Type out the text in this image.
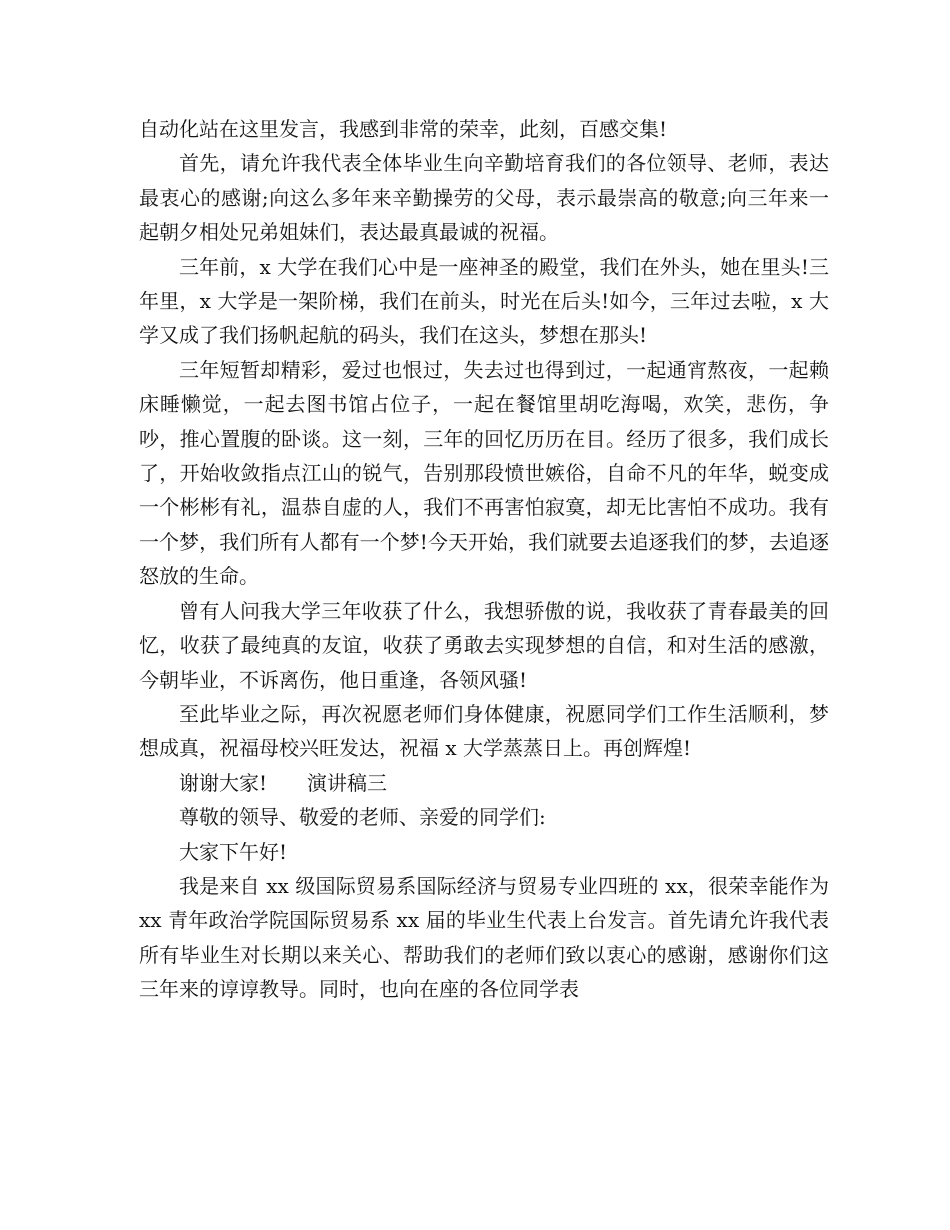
自动化站在这里发言，我感到非常的荣幸，此刻，百感交集!

首先，请允许我代表全体毕业生向辛勤培育我们的各位领导、老师，表达最衷心的感谢;向这么多年来辛勤操劳的父母，表示最崇高的敬意;向三年来一起朝夕相处兄弟姐妹们，表达最真最诚的祝福。

三年前，x 大学在我们心中是一座神圣的殿堂，我们在外头，她在里头!三年里，x 大学是一架阶梯，我们在前头，时光在后头!如今，三年过去啦，x 大学又成了我们扬帆起航的码头，我们在这头，梦想在那头!

三年短暂却精彩，爱过也恨过，失去过也得到过，一起通宵熬夜，一起赖床睡懒觉，一起去图书馆占位子，一起在餐馆里胡吃海喝，欢笑，悲伤，争吵，推心置腹的卧谈。这一刻，三年的回忆历历在目。经历了很多，我们成长了，开始收敛指点江山的锐气，告别那段愤世嫉俗，自命不凡的年华，蜕变成一个彬彬有礼，温恭自虚的人，我们不再害怕寂寞，却无比害怕不成功。我有一个梦，我们所有人都有一个梦!今天开始，我们就要去追逐我们的梦，去追逐怒放的生命。

曾有人问我大学三年收获了什么，我想骄傲的说，我收获了青春最美的回忆，收获了最纯真的友谊，收获了勇敢去实现梦想的自信，和对生活的感激，今朝毕业，不诉离伤，他日重逢，各领风骚!

至此毕业之际，再次祝愿老师们身体健康，祝愿同学们工作生活顺利，梦想成真，祝福母校兴旺发达，祝福 x 大学蒸蒸日上。再创辉煌!

谢谢大家!　　演讲稿三

尊敬的领导、敬爱的老师、亲爱的同学们:

大家下午好!

我是来自 xx 级国际贸易系国际经济与贸易专业四班的 xx，很荣幸能作为 xx 青年政治学院国际贸易系 xx 届的毕业生代表上台发言。首先请允许我代表所有毕业生对长期以来关心、帮助我们的老师们致以衷心的感谢，感谢你们这三年来的谆谆教导。同时，也向在座的各位同学表
